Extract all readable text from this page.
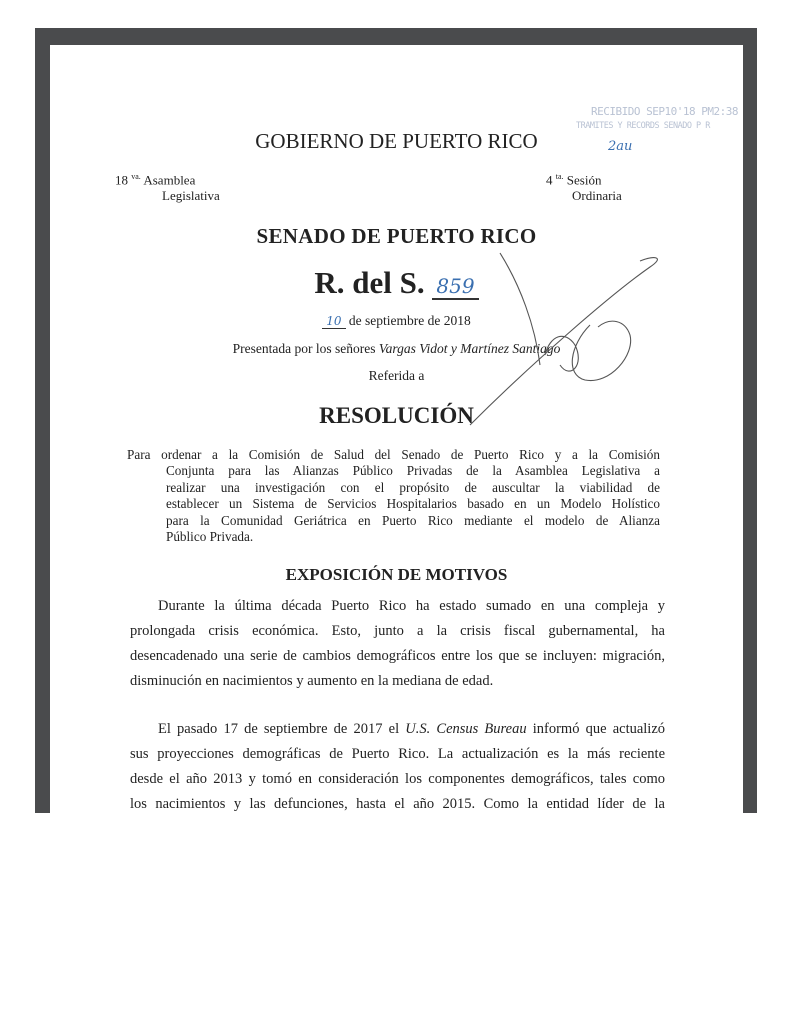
RECIBIDO SEP10'18 PM2:38
TRAMITES Y RECORDS SENADO P R
2au
GOBIERNO DE PUERTO RICO
18 $^{va.}$ Asamblea
Legislativa
4 $^{ta.}$ Sesión
Ordinaria
SENADO DE PUERTO RICO
R. del S. 859
10 de septiembre de 2018
Presentada por los señores Vargas Vidot y Martínez Santiago
Referida a
RESOLUCIÓN
Para ordenar a la Comisión de Salud del Senado de Puerto Rico y a la Comisión
Conjunta para las Alianzas Público Privadas de la Asamblea Legislativa a
realizar una investigación con el propósito de auscultar la viabilidad de
establecer un Sistema de Servicios Hospitalarios basado en un Modelo Holístico
para la Comunidad Geriátrica en Puerto Rico mediante el modelo de Alianza
Público Privada.
EXPOSICIÓN DE MOTIVOS
Durante la última década Puerto Rico ha estado sumado en una compleja y
prolongada crisis económica. Esto, junto a la crisis fiscal gubernamental, ha
desencadenado una serie de cambios demográficos entre los que se incluyen: migración,
disminución en nacimientos y aumento en la mediana de edad.
El pasado 17 de septiembre de 2017 el U.S. Census Bureau informó que actualizó
sus proyecciones demográficas de Puerto Rico. La actualización es la más reciente
desde el año 2013 y tomó en consideración los componentes demográficos, tales como
los nacimientos y las defunciones, hasta el año 2015. Como la entidad líder de la
